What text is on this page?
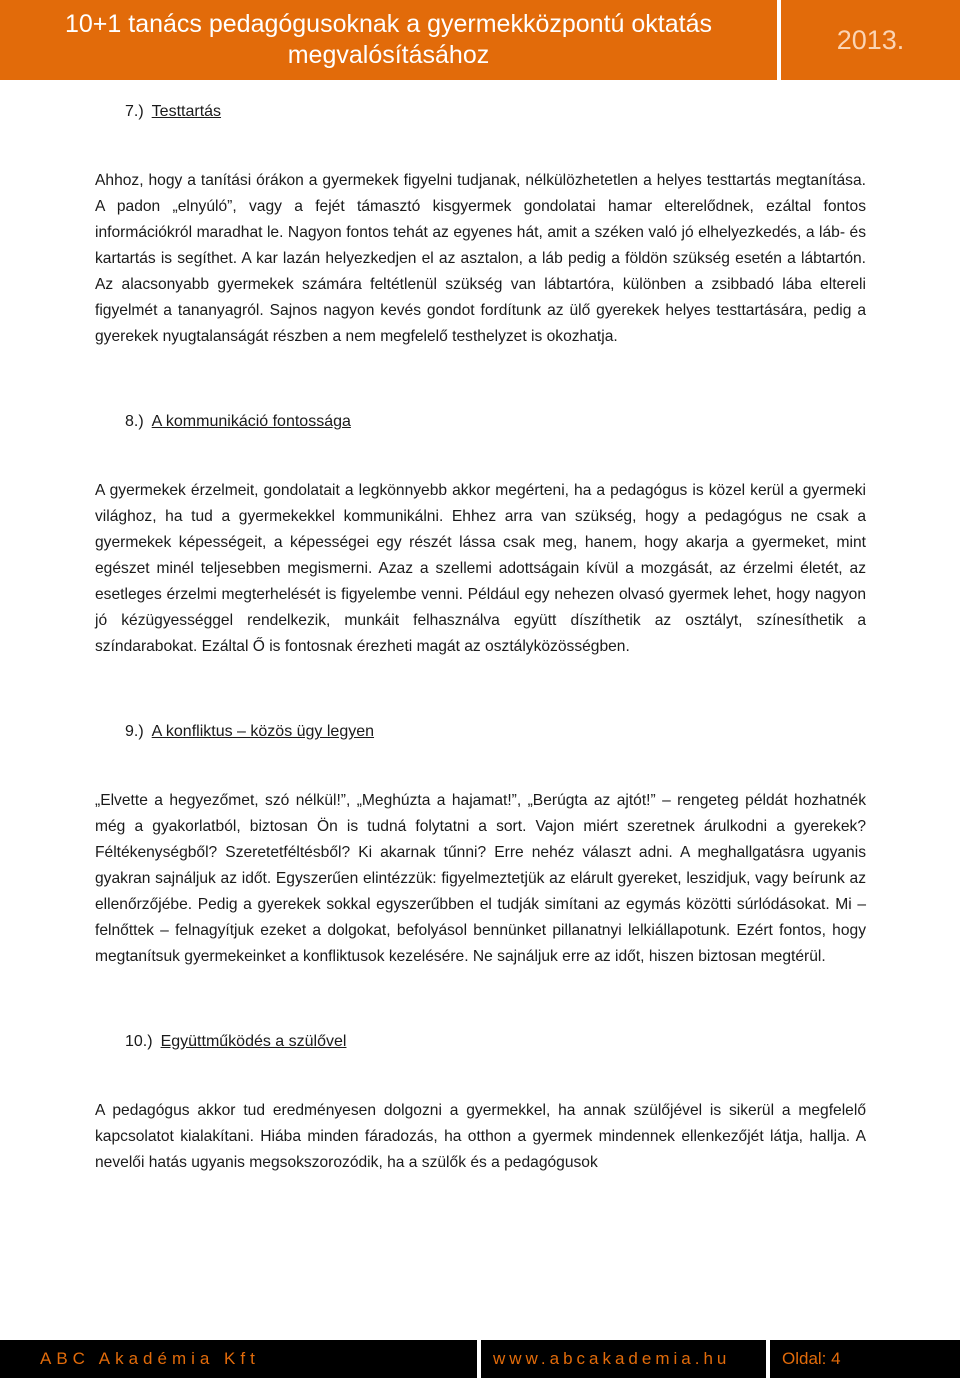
10+1 tanács pedagógusoknak a gyermekközpontú oktatás
megvalósításához
2013.
7.) Testtartás

Ahhoz, hogy a tanítási órákon a gyermekek figyelni tudjanak, nélkülözhetetlen a helyes testtartás megtanítása. A padon „elnyúló”, vagy a fejét támasztó kisgyermek gondolatai hamar elterelődnek, ezáltal fontos információkról maradhat le. Nagyon fontos tehát az egyenes hát, amit a széken való jó elhelyezkedés, a láb- és kartartás is segíthet. A kar lazán helyezkedjen el az asztalon, a láb pedig a földön szükség esetén a lábtartón. Az alacsonyabb gyermekek számára feltétlenül szükség van lábtartóra, különben a zsibbadó lába eltereli figyelmét a tananyagról. Sajnos nagyon kevés gondot fordítunk az ülő gyerekek helyes testtartására, pedig a gyerekek nyugtalanságát részben a nem megfelelő testhelyzet is okozhatja.

8.) A kommunikáció fontossága

A gyermekek érzelmeit, gondolatait a legkönnyebb akkor megérteni, ha a pedagógus is közel kerül a gyermeki világhoz, ha tud a gyermekekkel kommunikálni. Ehhez arra van szükség, hogy a pedagógus ne csak a gyermekek képességeit, a képességei egy részét lássa csak meg, hanem, hogy akarja a gyermeket, mint egészet minél teljesebben megismerni. Azaz a szellemi adottságain kívül a mozgását, az érzelmi életét, az esetleges érzelmi megterhelését is figyelembe venni. Például egy nehezen olvasó gyermek lehet, hogy nagyon jó kézügyességgel rendelkezik, munkáit felhasználva együtt díszíthetik az osztályt, színesíthetik a színdarabokat. Ezáltal Ő is fontosnak érezheti magát az osztályközösségben.

9.) A konfliktus – közös ügy legyen

„Elvette a hegyezőmet, szó nélkül!”, „Meghúzta a hajamat!”, „Berúgta az ajtót!” – rengeteg példát hozhatnék még a gyakorlatból, biztosan Ön is tudná folytatni a sort. Vajon miért szeretnek árulkodni a gyerekek? Féltékenységből? Szeretetféltésből? Ki akarnak tűnni? Erre nehéz választ adni. A meghallgatásra ugyanis gyakran sajnáljuk az időt. Egyszerűen elintézzük: figyelmeztetjük az elárult gyereket, leszidjuk, vagy beírunk az ellenőrzőjébe. Pedig a gyerekek sokkal egyszerűbben el tudják simítani az egymás közötti súrlódásokat. Mi – felnőttek – felnagyítjuk ezeket a dolgokat, befolyásol bennünket pillanatnyi lelkiállapotunk. Ezért fontos, hogy megtanítsuk gyermekeinket a konfliktusok kezelésére. Ne sajnáljuk erre az időt, hiszen biztosan megtérül.

10.) Együttműködés a szülővel

A pedagógus akkor tud eredményesen dolgozni a gyermekkel, ha annak szülőjével is sikerül a megfelelő kapcsolatot kialakítani. Hiába minden fáradozás, ha otthon a gyermek mindennek ellenkezőjét látja, hallja. A nevelői hatás ugyanis megsokszorozódik, ha a szülők és a pedagógusok

ABC Akadémia Kft	www.abcakademia.hu	Oldal: 4
